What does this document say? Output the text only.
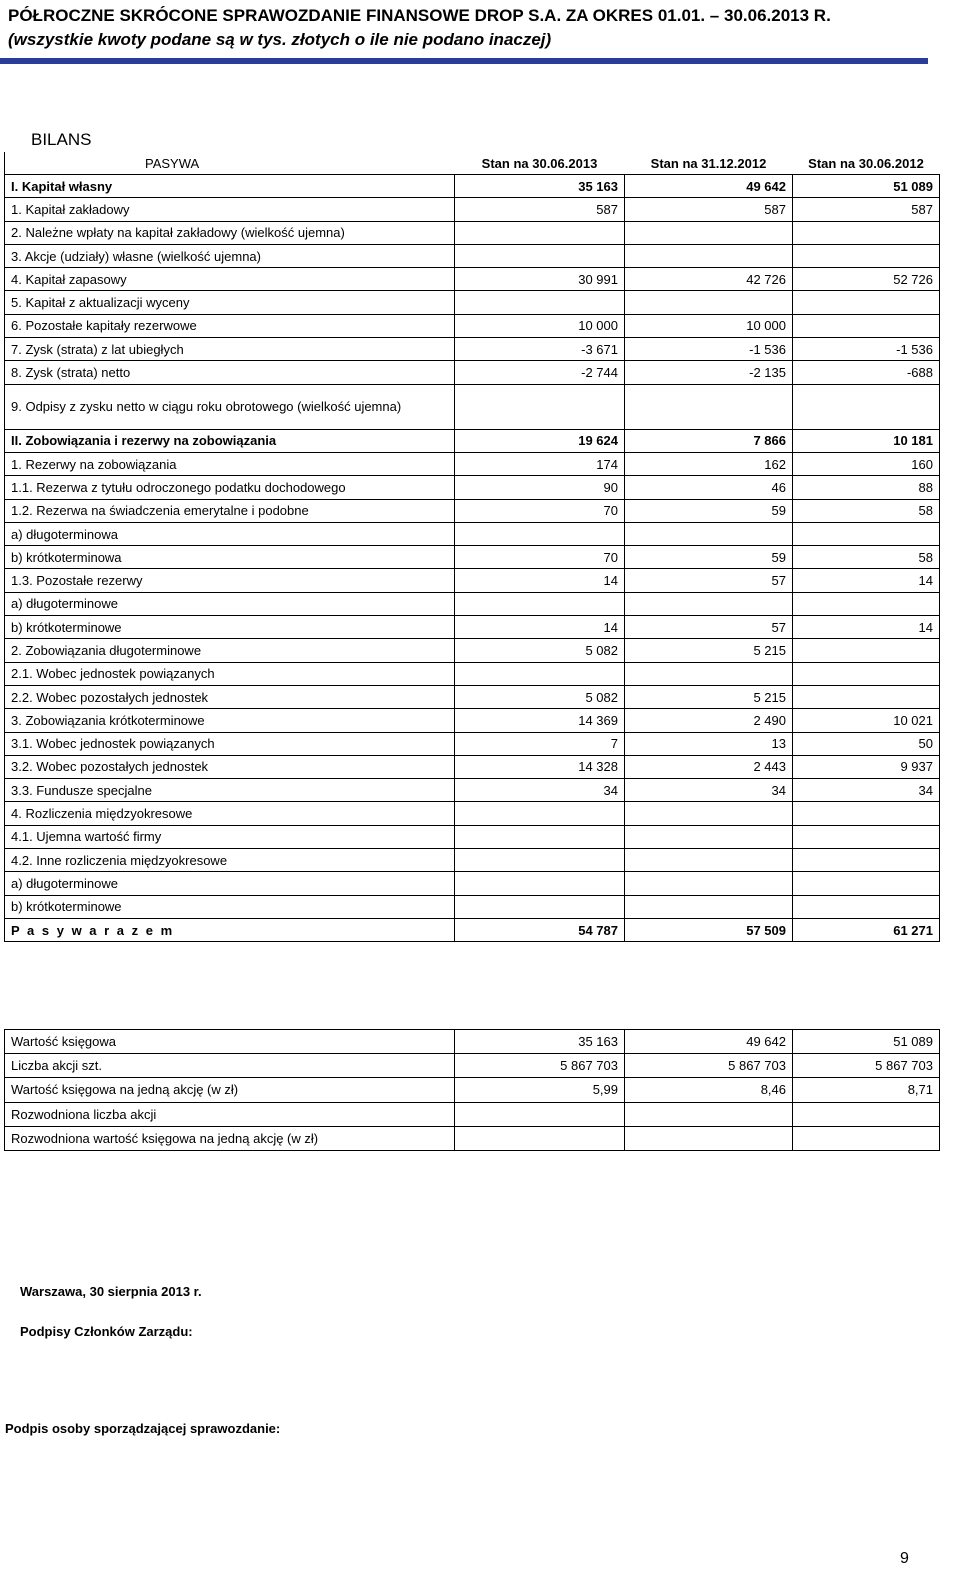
PÓŁROCZNE SKRÓCONE SPRAWOZDANIE FINANSOWE DROP S.A. ZA OKRES 01.01. – 30.06.2013 R.
(wszystkie kwoty podane są w tys. złotych o ile nie podano inaczej)
BILANS
PASYWA	Stan na 30.06.2013	Stan na 31.12.2012	Stan na 30.06.2012
I. Kapitał własny	35 163	49 642	51 089
1. Kapitał zakładowy	587	587	587
2. Należne wpłaty na kapitał zakładowy (wielkość ujemna)			
3. Akcje (udziały) własne (wielkość ujemna)			
4. Kapitał zapasowy	30 991	42 726	52 726
5. Kapitał z aktualizacji wyceny			
6. Pozostałe kapitały rezerwowe	10 000	10 000	
7. Zysk (strata) z lat ubiegłych	-3 671	-1 536	-1 536
8. Zysk (strata) netto	-2 744	-2 135	-688
9. Odpisy z zysku netto w ciągu roku obrotowego (wielkość ujemna)			
II. Zobowiązania i rezerwy na zobowiązania	19 624	7 866	10 181
1. Rezerwy na zobowiązania	174	162	160
1.1. Rezerwa z tytułu odroczonego podatku dochodowego	90	46	88
1.2. Rezerwa na świadczenia emerytalne i podobne	70	59	58
a) długoterminowa			
b) krótkoterminowa	70	59	58
1.3. Pozostałe rezerwy	14	57	14
a) długoterminowe			
b) krótkoterminowe	14	57	14
2. Zobowiązania długoterminowe	5 082	5 215	
2.1. Wobec jednostek powiązanych			
2.2. Wobec pozostałych jednostek	5 082	5 215	
3. Zobowiązania krótkoterminowe	14 369	2 490	10 021
3.1. Wobec jednostek powiązanych	7	13	50
3.2. Wobec pozostałych jednostek	14 328	2 443	9 937
3.3. Fundusze specjalne	34	34	34
4. Rozliczenia międzyokresowe			
4.1. Ujemna wartość firmy			
4.2. Inne rozliczenia międzyokresowe			
a) długoterminowe			
b) krótkoterminowe			
P a s y w a r a z e m	54 787	57 509	61 271
Wartość księgowa	35 163	49 642	51 089
Liczba akcji szt.	5 867 703	5 867 703	5 867 703
Wartość księgowa na jedną akcję (w zł)	5,99	8,46	8,71
Rozwodniona liczba akcji			
Rozwodniona wartość księgowa na jedną akcję (w zł)			
Warszawa, 30 sierpnia 2013 r.
Podpisy Członków Zarządu:
Podpis osoby sporządzającej sprawozdanie:
9
